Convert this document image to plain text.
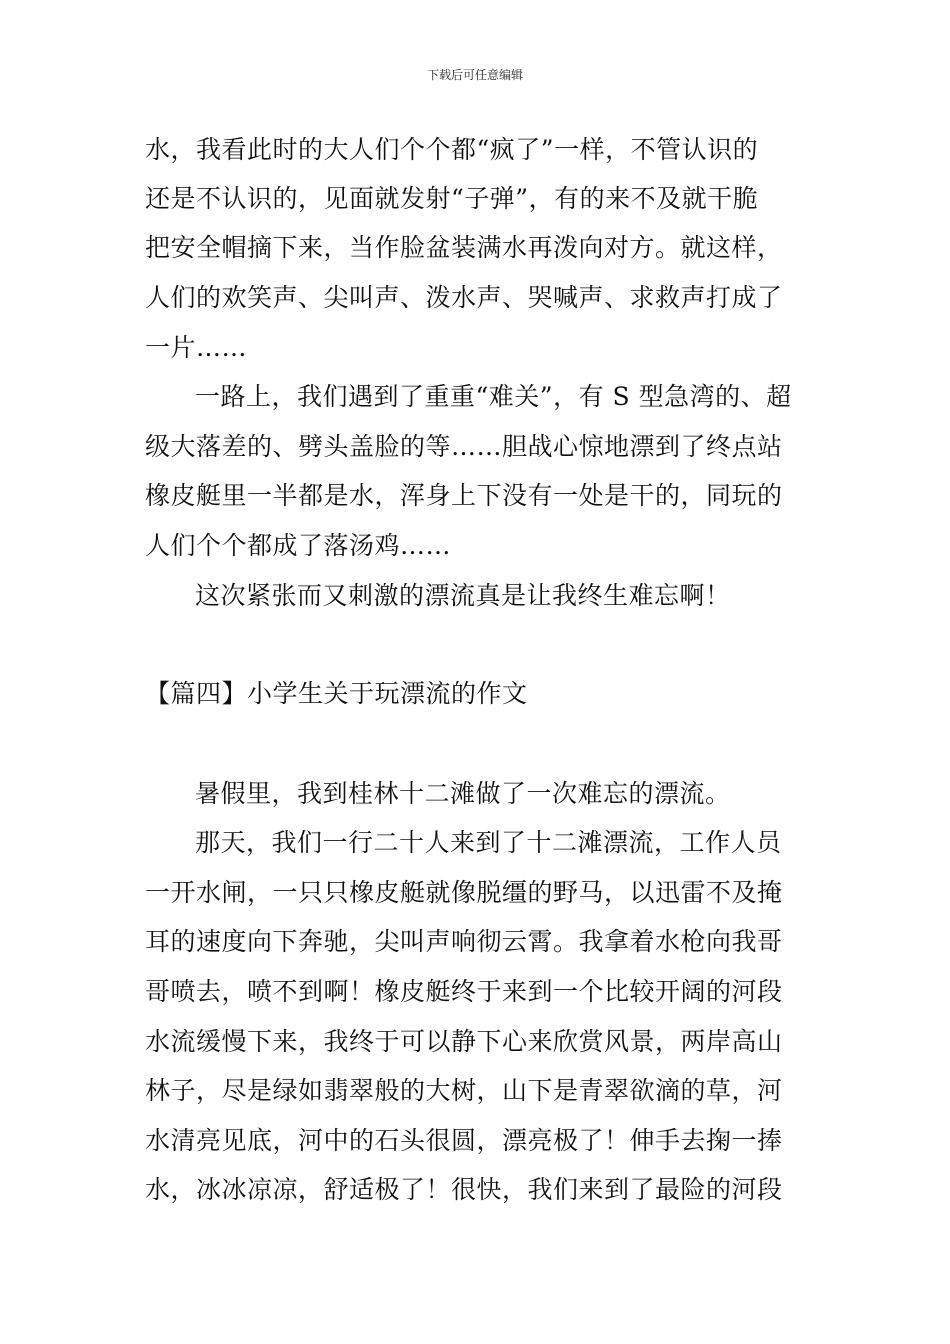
下载后可任意编辑
水，我看此时的大人们个个都“疯了”一样，不管认识的
还是不认识的，见面就发射“子弹”，有的来不及就干脆
把安全帽摘下来，当作脸盆装满水再泼向对方。就这样，
人们的欢笑声、尖叫声、泼水声、哭喊声、求救声打成了
一片……
一路上，我们遇到了重重“难关”，有 S 型急湾的、超
级大落差的、劈头盖脸的等……胆战心惊地漂到了终点站
橡皮艇里一半都是水，浑身上下没有一处是干的，同玩的
人们个个都成了落汤鸡……
这次紧张而又刺激的漂流真是让我终生难忘啊！
【篇四】小学生关于玩漂流的作文
暑假里，我到桂林十二滩做了一次难忘的漂流。
那天，我们一行二十人来到了十二滩漂流，工作人员
一开水闸，一只只橡皮艇就像脱缰的野马，以迅雷不及掩
耳的速度向下奔驰，尖叫声响彻云霄。我拿着水枪向我哥
哥喷去，喷不到啊！橡皮艇终于来到一个比较开阔的河段
水流缓慢下来，我终于可以静下心来欣赏风景，两岸高山
林子，尽是绿如翡翠般的大树，山下是青翠欲滴的草，河
水清亮见底，河中的石头很圆，漂亮极了！伸手去掬一捧
水，冰冰凉凉，舒适极了！很快，我们来到了最险的河段
